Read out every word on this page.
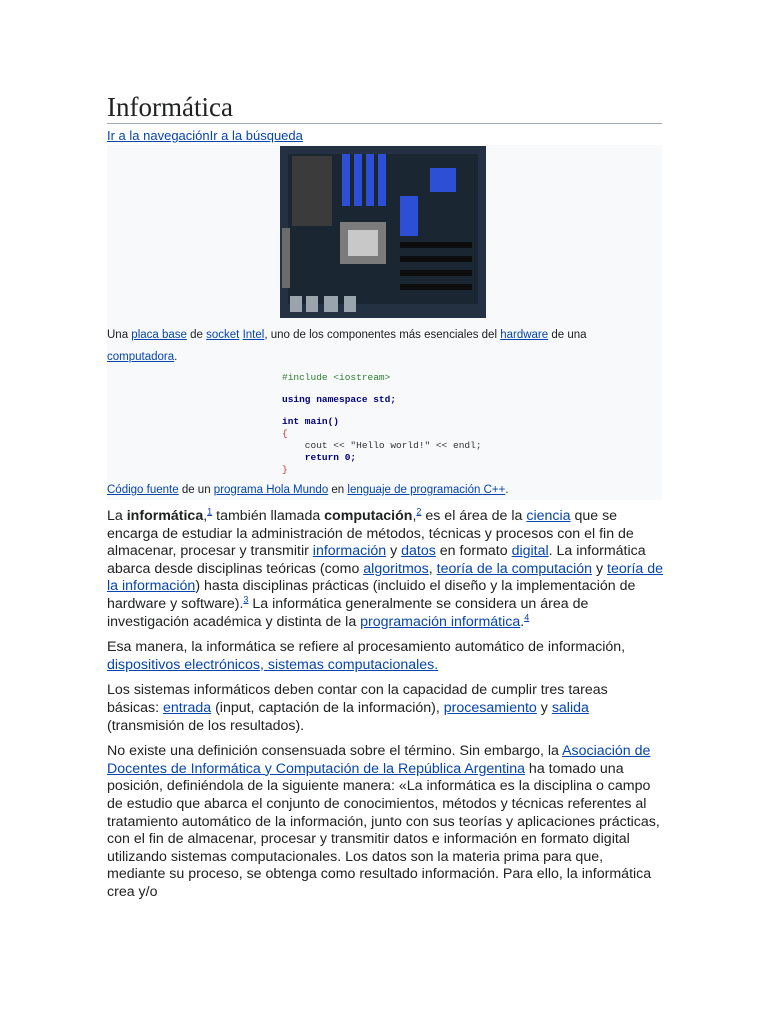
Informática
Ir a la navegaciónIr a la búsqueda
Una placa base de socket Intel, uno de los componentes más esenciales del hardware de una computadora.
#include <iostream>
using namespace std;
int main()
{
cout << "Hello world!" << endl;
return 0;
}
Código fuente de un programa Hola Mundo en lenguaje de programación C++.

La informática,$^1$ también llamada computación,$^2$ es el área de la ciencia que se encarga de estudiar la administración de métodos, técnicas y procesos con el fin de almacenar, procesar y transmitir información y datos en formato digital. La informática abarca desde disciplinas teóricas (como algoritmos, teoría de la computación y teoría de la información) hasta disciplinas prácticas (incluido el diseño y la implementación de hardware y software).$^3$ La informática generalmente se considera un área de investigación académica y distinta de la programación informática.$^4$

Esa manera, la informática se refiere al procesamiento automático de información, dispositivos electrónicos, sistemas computacionales.

Los sistemas informáticos deben contar con la capacidad de cumplir tres tareas básicas: entrada (input, captación de la información), procesamiento y salida (transmisión de los resultados).

No existe una definición consensuada sobre el término. Sin embargo, la Asociación de Docentes de Informática y Computación de la República Argentina ha tomado una posición, definiéndola de la siguiente manera: «La informática es la disciplina o campo de estudio que abarca el conjunto de conocimientos, métodos y técnicas referentes al tratamiento automático de la información, junto con sus teorías y aplicaciones prácticas, con el fin de almacenar, procesar y transmitir datos e información en formato digital utilizando sistemas computacionales. Los datos son la materia prima para que, mediante su proceso, se obtenga como resultado información. Para ello, la informática crea y/o
